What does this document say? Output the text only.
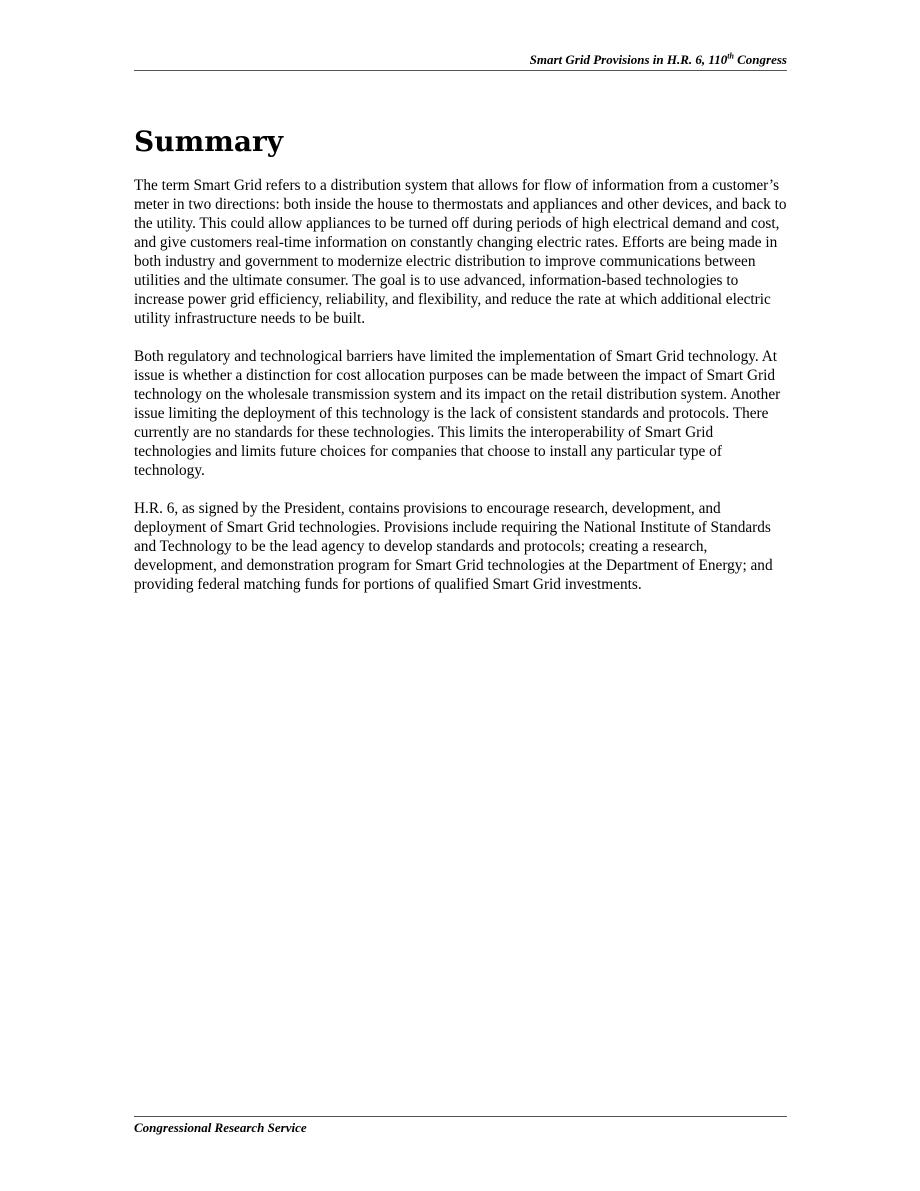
Smart Grid Provisions in H.R. 6, 110th Congress
Summary

The term Smart Grid refers to a distribution system that allows for flow of information from a customer’s meter in two directions: both inside the house to thermostats and appliances and other devices, and back to the utility. This could allow appliances to be turned off during periods of high electrical demand and cost, and give customers real-time information on constantly changing electric rates. Efforts are being made in both industry and government to modernize electric distribution to improve communications between utilities and the ultimate consumer. The goal is to use advanced, information-based technologies to increase power grid efficiency, reliability, and flexibility, and reduce the rate at which additional electric utility infrastructure needs to be built.

Both regulatory and technological barriers have limited the implementation of Smart Grid technology. At issue is whether a distinction for cost allocation purposes can be made between the impact of Smart Grid technology on the wholesale transmission system and its impact on the retail distribution system. Another issue limiting the deployment of this technology is the lack of consistent standards and protocols. There currently are no standards for these technologies. This limits the interoperability of Smart Grid technologies and limits future choices for companies that choose to install any particular type of technology.

H.R. 6, as signed by the President, contains provisions to encourage research, development, and deployment of Smart Grid technologies. Provisions include requiring the National Institute of Standards and Technology to be the lead agency to develop standards and protocols; creating a research, development, and demonstration program for Smart Grid technologies at the Department of Energy; and providing federal matching funds for portions of qualified Smart Grid investments.

Congressional Research Service
